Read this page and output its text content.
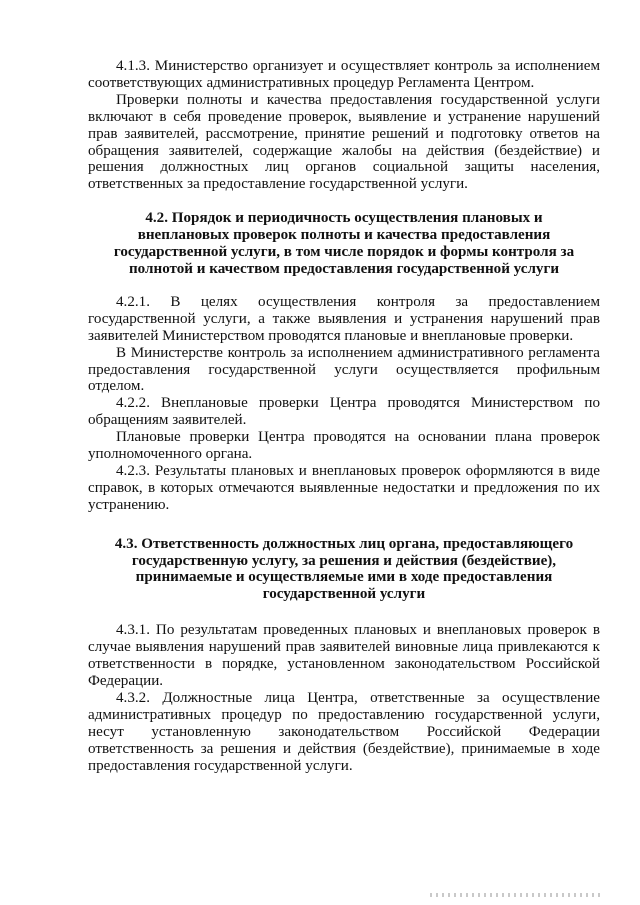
4.1.3. Министерство организует и осуществляет контроль за исполнением соответствующих административных процедур Регламента Центром.

Проверки полноты и качества предоставления государственной услуги включают в себя проведение проверок, выявление и устранение нарушений прав заявителей, рассмотрение, принятие решений и подготовку ответов на обращения заявителей, содержащие жалобы на действия (бездействие) и решения должностных лиц органов социальной защиты населения, ответственных за предоставление государственной услуги.

4.2. Порядок и периодичность осуществления плановых и внеплановых проверок полноты и качества предоставления государственной услуги, в том числе порядок и формы контроля за полнотой и качеством предоставления государственной услуги

4.2.1. В целях осуществления контроля за предоставлением государственной услуги, а также выявления и устранения нарушений прав заявителей Министерством проводятся плановые и внеплановые проверки.

В Министерстве контроль за исполнением административного регламента предоставления государственной услуги осуществляется профильным отделом.

4.2.2. Внеплановые проверки Центра проводятся Министерством по обращениям заявителей.

Плановые проверки Центра проводятся на основании плана проверок уполномоченного органа.

4.2.3. Результаты плановых и внеплановых проверок оформляются в виде справок, в которых отмечаются выявленные недостатки и предложения по их устранению.

4.3. Ответственность должностных лиц органа, предоставляющего государственную услугу, за решения и действия (бездействие), принимаемые и осуществляемые ими в ходе предоставления государственной услуги

4.3.1. По результатам проведенных плановых и внеплановых проверок в случае выявления нарушений прав заявителей виновные лица привлекаются к ответственности в порядке, установленном законодательством Российской Федерации.

4.3.2. Должностные лица Центра, ответственные за осуществление административных процедур по предоставлению государственной услуги, несут установленную законодательством Российской Федерации ответственность за решения и действия (бездействие), принимаемые в ходе предоставления государственной услуги.
